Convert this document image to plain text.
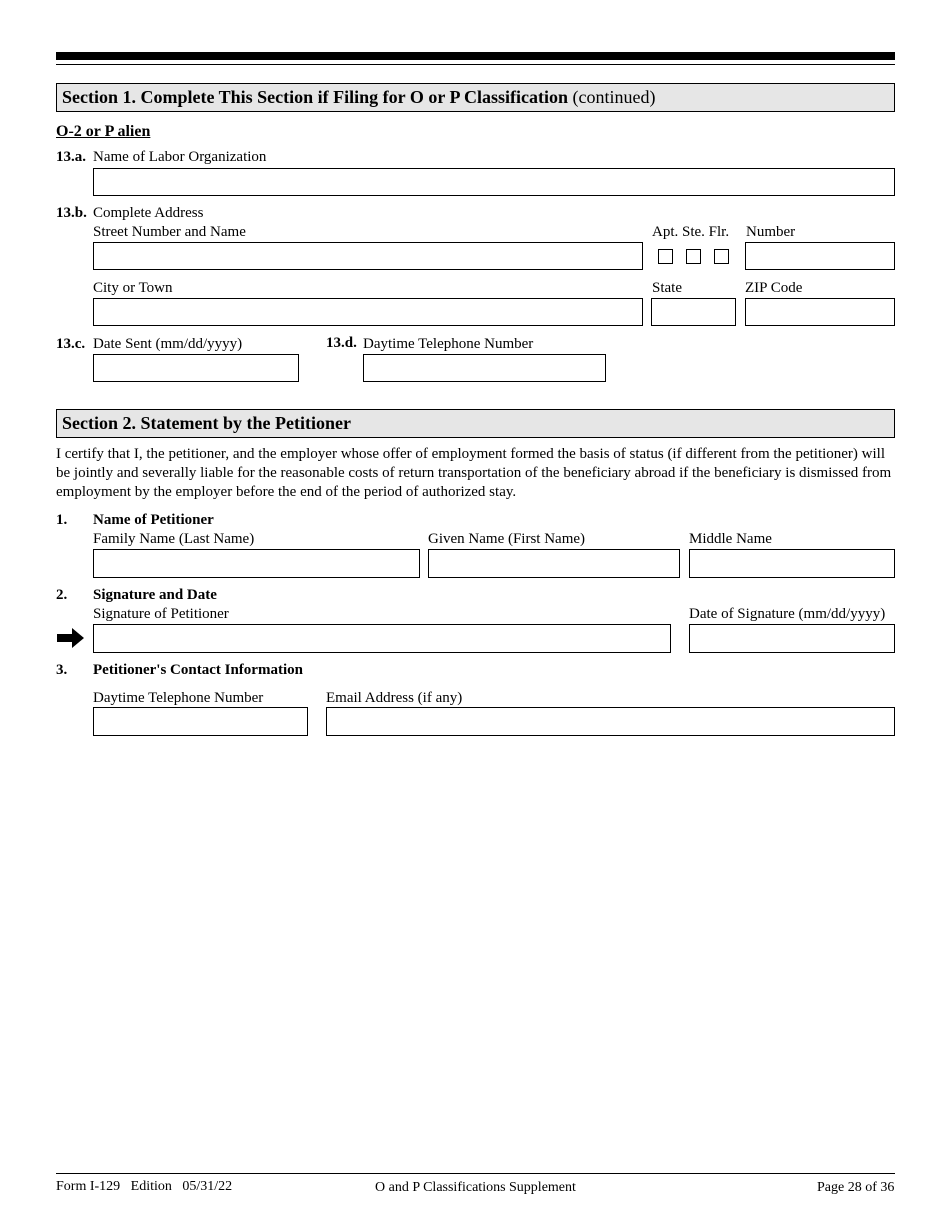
Section 1. Complete This Section if Filing for O or P Classification (continued)
O-2 or P alien
13.a. Name of Labor Organization
13.b. Complete Address
Street Number and Name	Apt. Ste. Flr. Number
City or Town	State	ZIP Code
13.c. Date Sent (mm/dd/yyyy)	13.d. Daytime Telephone Number
Section 2. Statement by the Petitioner
I certify that I, the petitioner, and the employer whose offer of employment formed the basis of status (if different from the petitioner) will be jointly and severally liable for the reasonable costs of return transportation of the beneficiary abroad if the beneficiary is dismissed from employment by the employer before the end of the period of authorized stay.
1. Name of Petitioner
Family Name (Last Name)	Given Name (First Name)	Middle Name
2. Signature and Date
Signature of Petitioner	Date of Signature (mm/dd/yyyy)
3. Petitioner's Contact Information
Daytime Telephone Number	Email Address (if any)
Form I-129   Edition   05/31/22	O and P Classifications Supplement	Page 28 of 36
